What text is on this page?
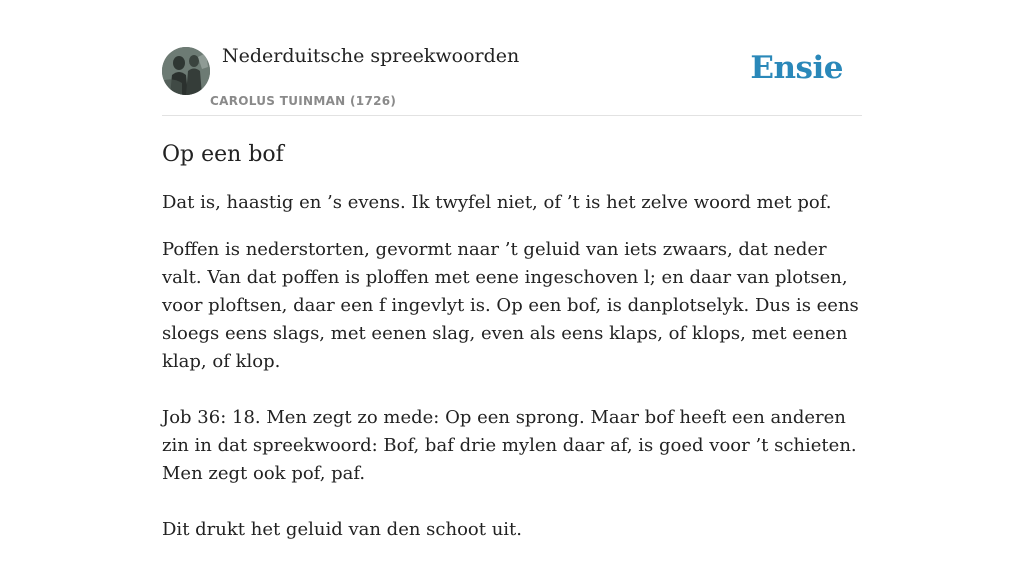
Nederduitsche spreekwoorden
CAROLUS TUINMAN (1726)
Ensie
Op een bof

Dat is, haastig en ’s evens. Ik twyfel niet, of ’t is het zelve woord met pof.

Poffen is nederstorten, gevormt naar ’t geluid van iets zwaars, dat neder valt. Van dat poffen is ploffen met eene ingeschoven l; en daar van plotsen, voor ploftsen, daar een f ingevlyt is. Op een bof, is danplotselyk. Dus is eens sloegs eens slags, met eenen slag, even als eens klaps, of klops, met eenen klap, of klop.

Job 36: 18. Men zegt zo mede: Op een sprong. Maar bof heeft een anderen zin in dat spreekwoord: Bof, baf drie mylen daar af, is goed voor ’t schieten. Men zegt ook pof, paf.

Dit drukt het geluid van den schoot uit.
